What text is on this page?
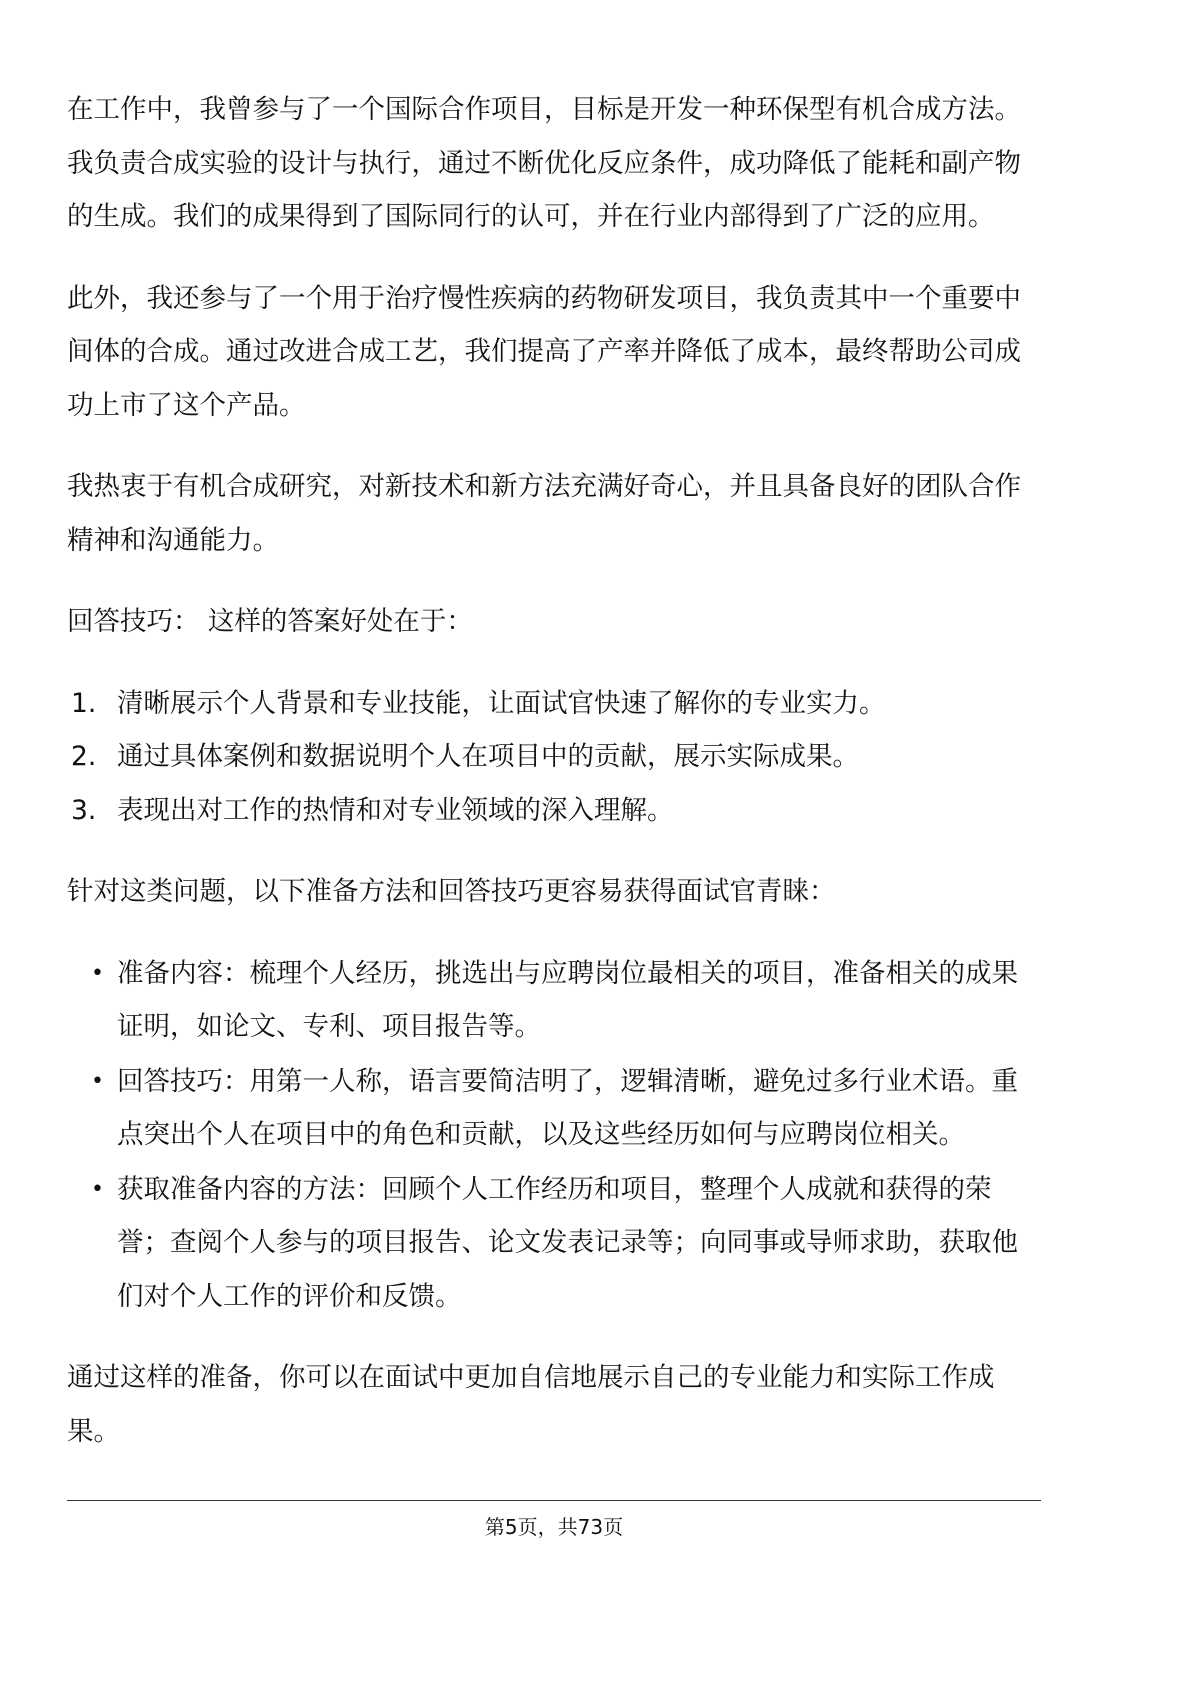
在工作中，我曾参与了一个国际合作项目，目标是开发一种环保型有机合成方法。我负责合成实验的设计与执行，通过不断优化反应条件，成功降低了能耗和副产物的生成。我们的成果得到了国际同行的认可，并在行业内部得到了广泛的应用。

此外，我还参与了一个用于治疗慢性疾病的药物研发项目，我负责其中一个重要中间体的合成。通过改进合成工艺，我们提高了产率并降低了成本，最终帮助公司成功上市了这个产品。

我热衷于有机合成研究，对新技术和新方法充满好奇心，并且具备良好的团队合作精神和沟通能力。

回答技巧： 这样的答案好处在于：

1. 清晰展示个人背景和专业技能，让面试官快速了解你的专业实力。
2. 通过具体案例和数据说明个人在项目中的贡献，展示实际成果。
3. 表现出对工作的热情和对专业领域的深入理解。

针对这类问题，以下准备方法和回答技巧更容易获得面试官青睐：

• 准备内容：梳理个人经历，挑选出与应聘岗位最相关的项目，准备相关的成果证明，如论文、专利、项目报告等。
• 回答技巧：用第一人称，语言要简洁明了，逻辑清晰，避免过多行业术语。重点突出个人在项目中的角色和贡献，以及这些经历如何与应聘岗位相关。
• 获取准备内容的方法：回顾个人工作经历和项目，整理个人成就和获得的荣誉；查阅个人参与的项目报告、论文发表记录等；向同事或导师求助，获取他们对个人工作的评价和反馈。

通过这样的准备，你可以在面试中更加自信地展示自己的专业能力和实际工作成果。

第5页，共73页
